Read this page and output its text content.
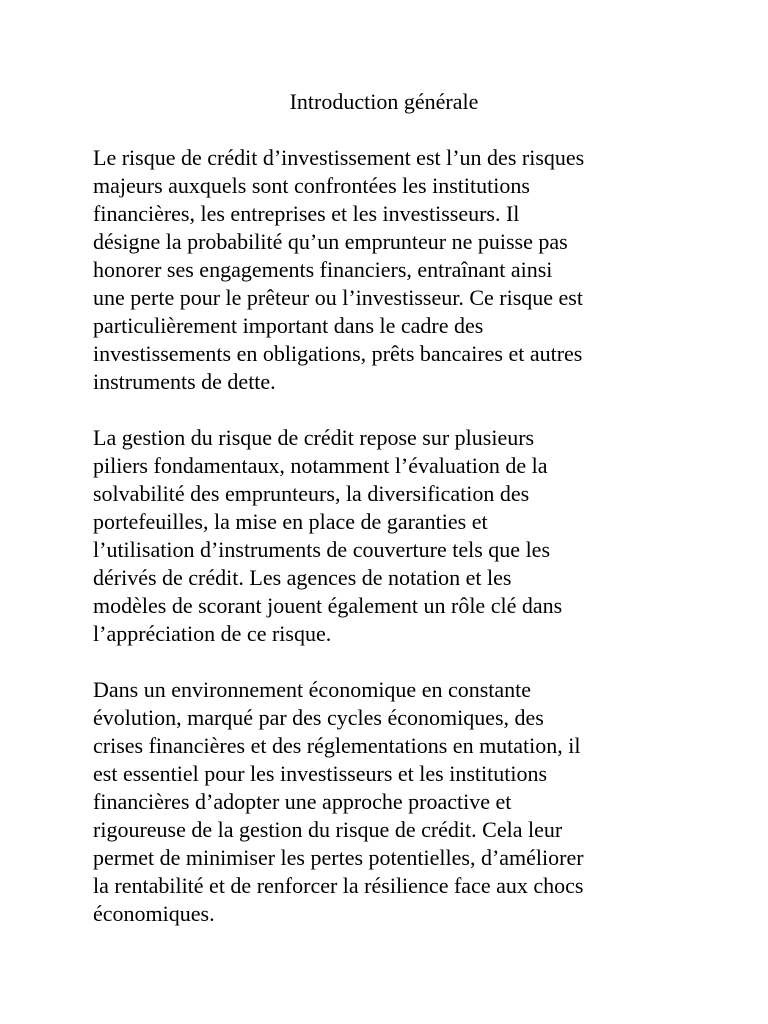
Introduction générale

Le risque de crédit d’investissement est l’un des risques
majeurs auxquels sont confrontées les institutions
financières, les entreprises et les investisseurs. Il
désigne la probabilité qu’un emprunteur ne puisse pas
honorer ses engagements financiers, entraînant ainsi
une perte pour le prêteur ou l’investisseur. Ce risque est
particulièrement important dans le cadre des
investissements en obligations, prêts bancaires et autres
instruments de dette.

La gestion du risque de crédit repose sur plusieurs
piliers fondamentaux, notamment l’évaluation de la
solvabilité des emprunteurs, la diversification des
portefeuilles, la mise en place de garanties et
l’utilisation d’instruments de couverture tels que les
dérivés de crédit. Les agences de notation et les
modèles de scorant jouent également un rôle clé dans
l’appréciation de ce risque.

Dans un environnement économique en constante
évolution, marqué par des cycles économiques, des
crises financières et des réglementations en mutation, il
est essentiel pour les investisseurs et les institutions
financières d’adopter une approche proactive et
rigoureuse de la gestion du risque de crédit. Cela leur
permet de minimiser les pertes potentielles, d’améliorer
la rentabilité et de renforcer la résilience face aux chocs
économiques.
